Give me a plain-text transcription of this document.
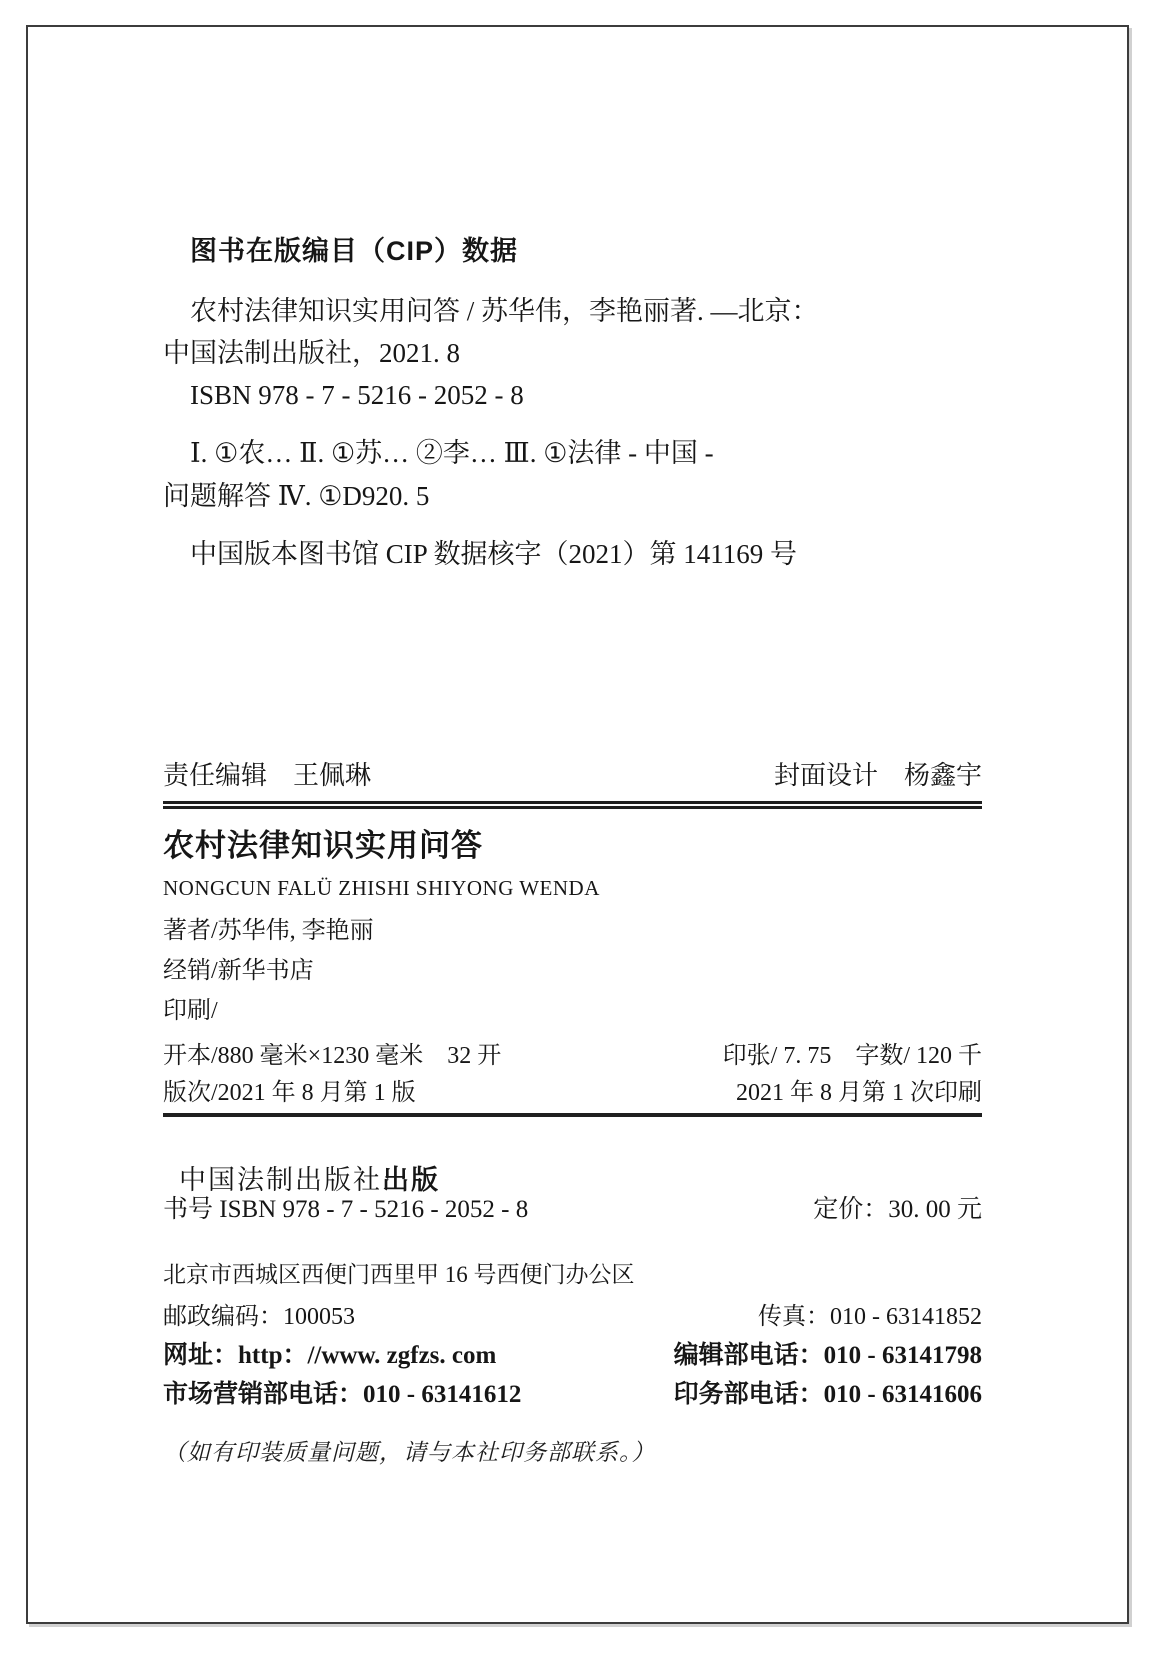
图书在版编目（CIP）数据
农村法律知识实用问答 / 苏华伟，李艳丽著. —北京：
中国法制出版社，2021. 8
ISBN 978 - 7 - 5216 - 2052 - 8
Ⅰ. ①农… Ⅱ. ①苏… ②李… Ⅲ. ①法律 - 中国 -
问题解答 Ⅳ. ①D920. 5
中国版本图书馆 CIP 数据核字（2021）第 141169 号
责任编辑 王佩琳	封面设计 杨鑫宇
农村法律知识实用问答
NONGCUN FALÜ ZHISHI SHIYONG WENDA
著者/苏华伟, 李艳丽
经销/新华书店
印刷/
开本/880 毫米×1230 毫米　32 开	印张/ 7. 75　字数/ 120 千
版次/2021 年 8 月第 1 版	2021 年 8 月第 1 次印刷

中国法制出版社出版

书号 ISBN 978 - 7 - 5216 - 2052 - 8	定价：30. 00 元
北京市西城区西便门西里甲 16 号西便门办公区
邮政编码：100053	传真：010 - 63141852
网址：http：//www. zgfzs. com	编辑部电话：010 - 63141798
市场营销部电话：010 - 63141612	印务部电话：010 - 63141606
（如有印装质量问题，请与本社印务部联系。）
